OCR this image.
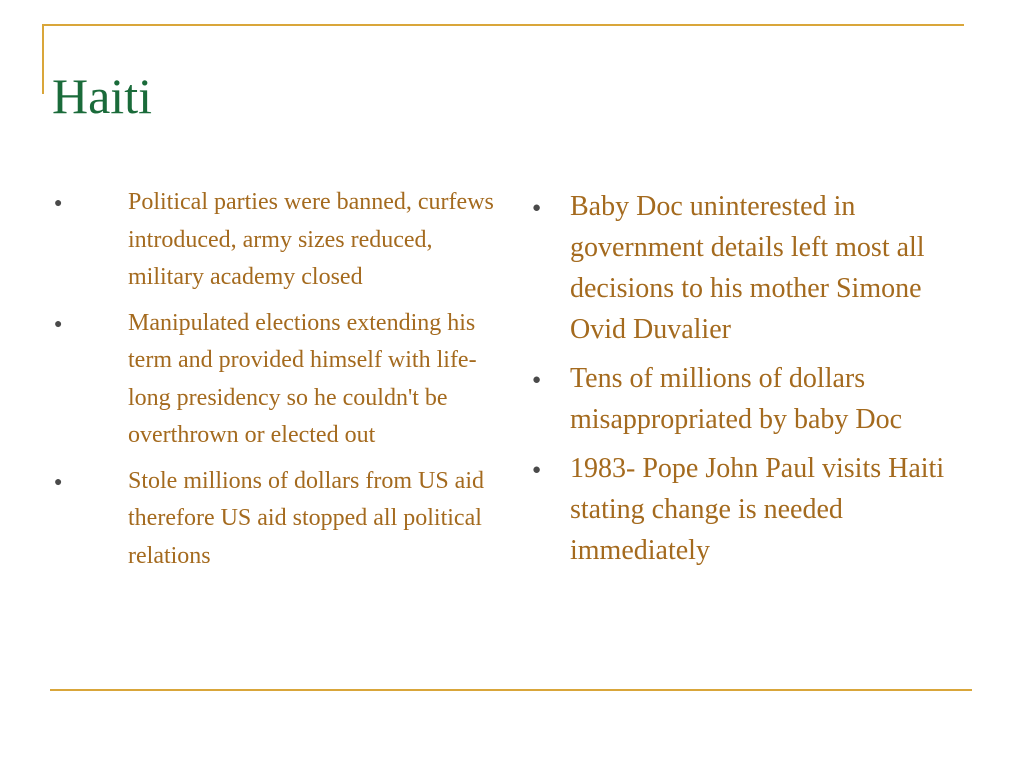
Haiti
●	Political parties were banned, curfews introduced, army sizes reduced, military academy closed
●	Manipulated elections extending his term and provided himself with life-long presidency so he couldn't be overthrown or elected out
●	Stole millions of dollars from US aid therefore US aid stopped all political relations
● Baby Doc uninterested in government details left most all decisions to his mother Simone Ovid Duvalier
● Tens of millions of dollars misappropriated by baby Doc
● 1983- Pope John Paul visits Haiti stating change is needed immediately
